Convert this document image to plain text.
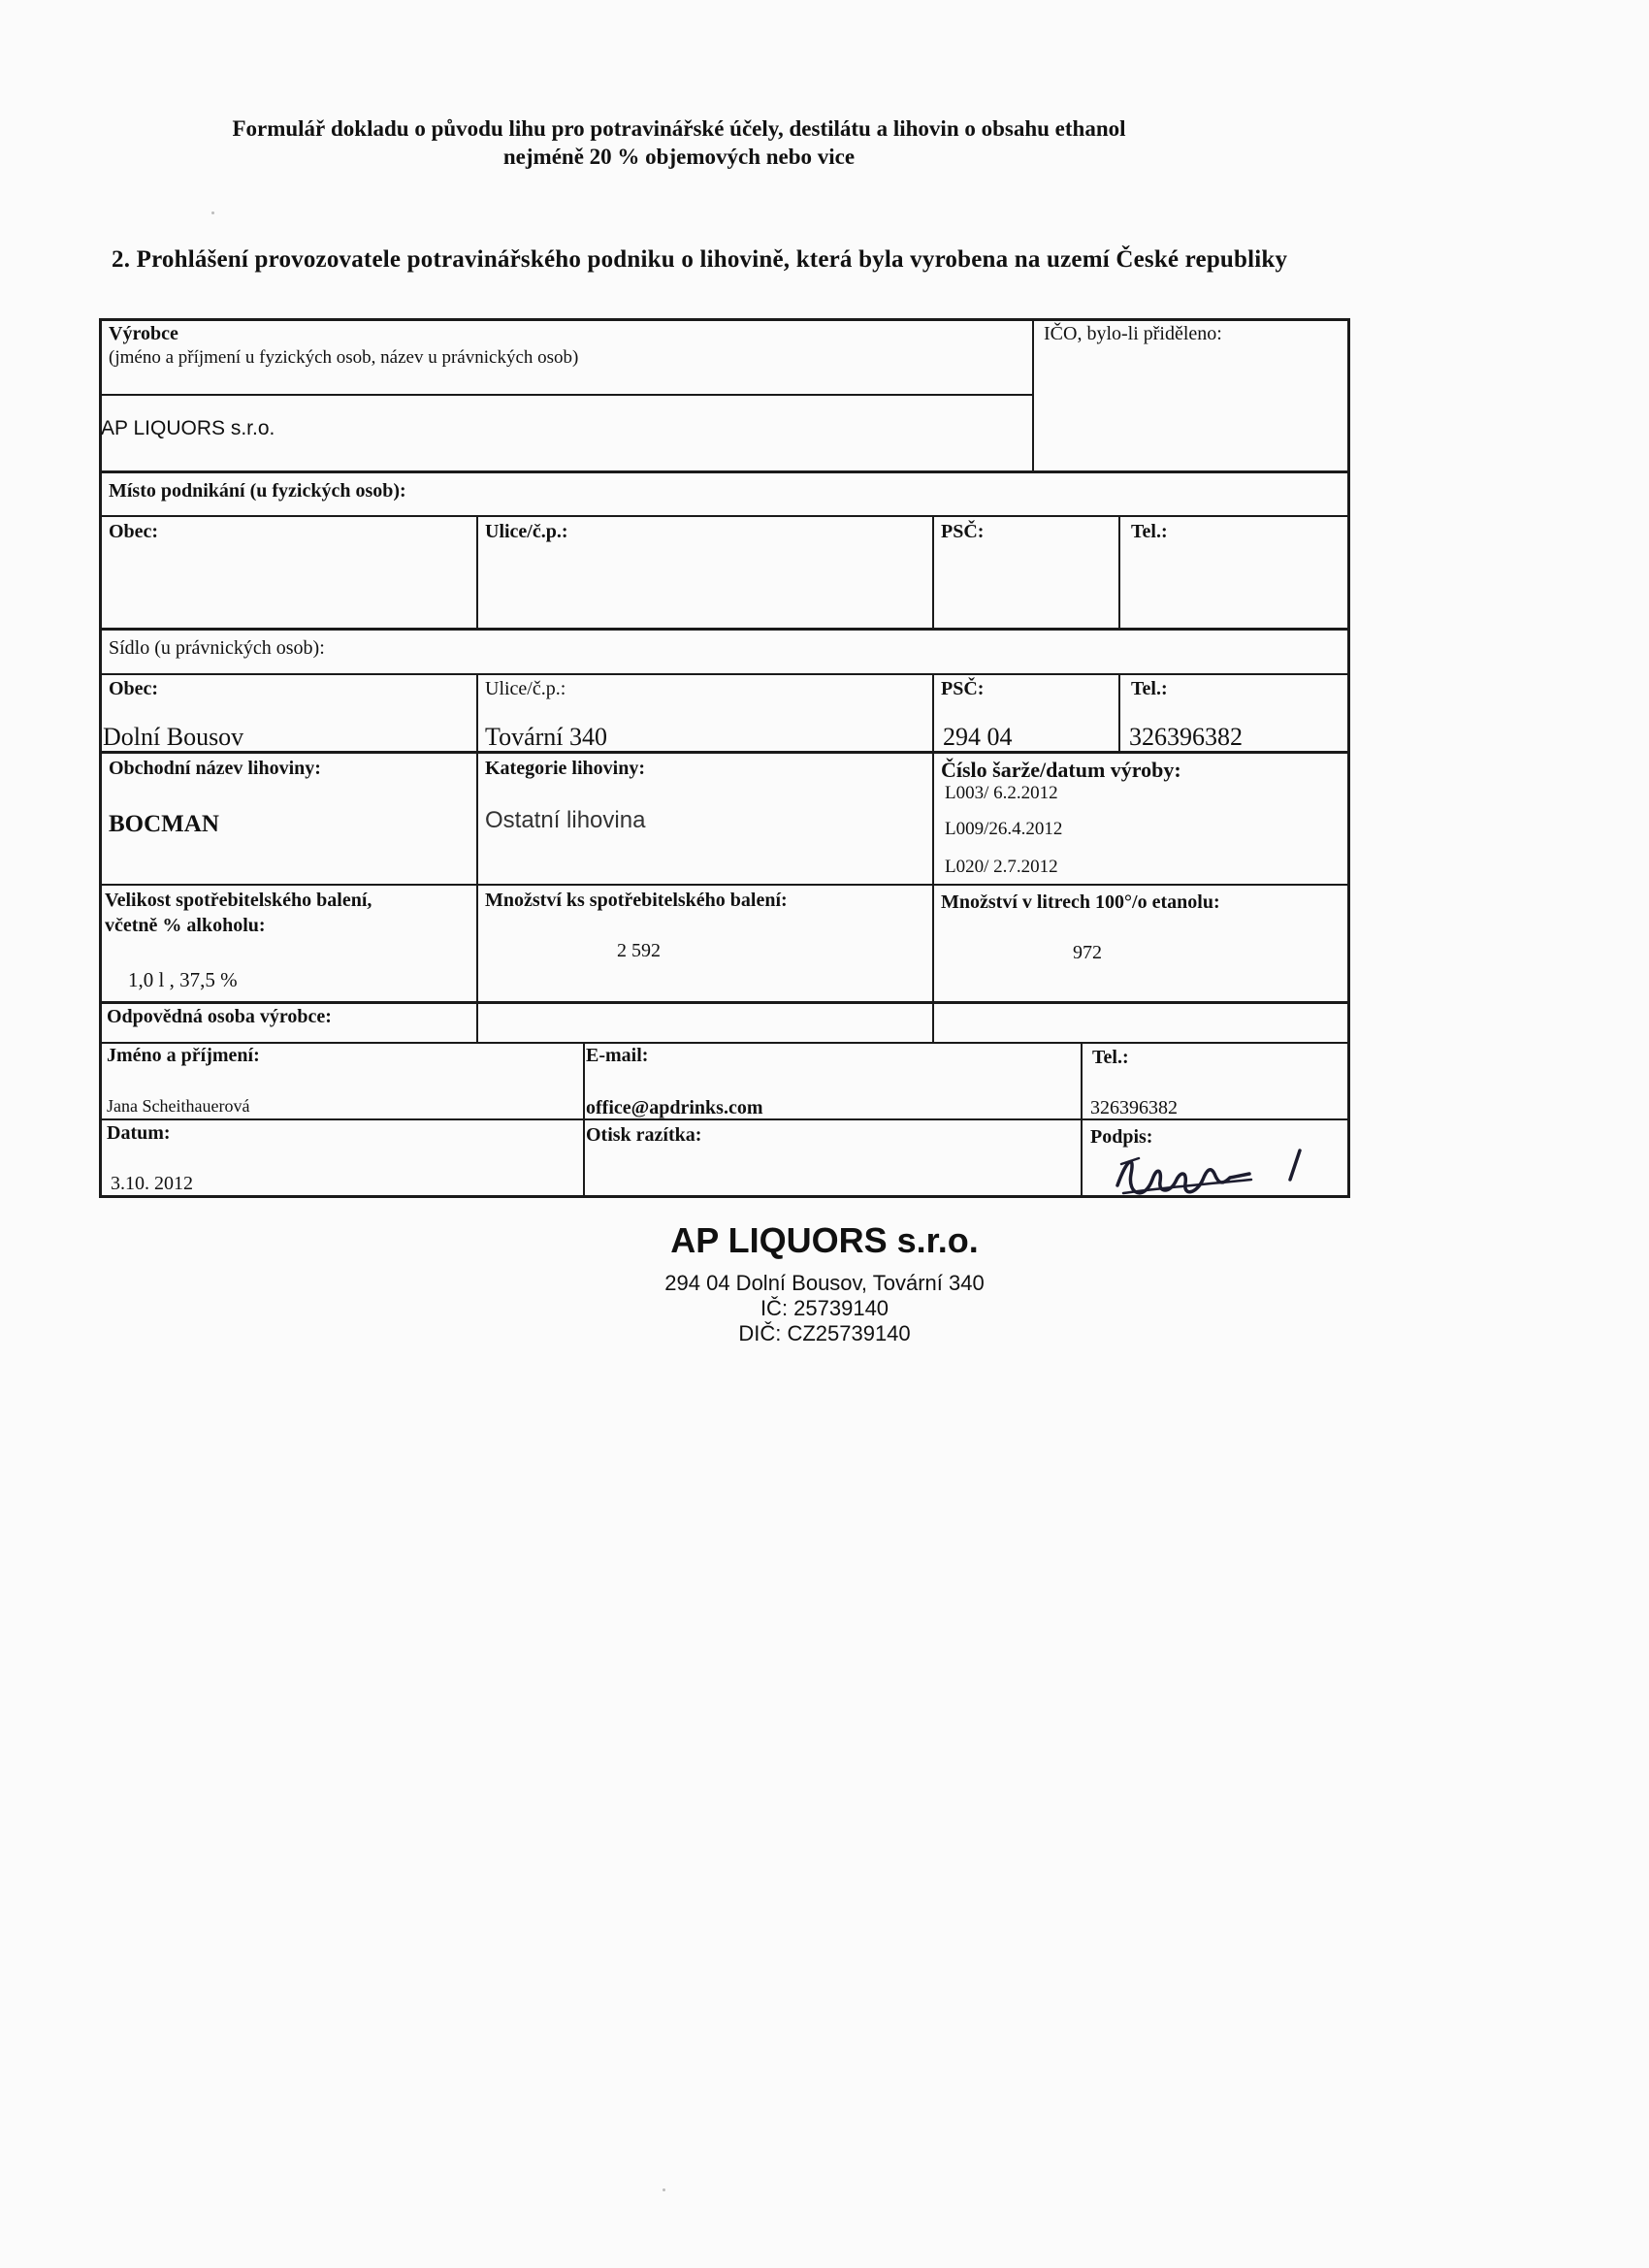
Formulář dokladu o původu lihu pro potravinářské účely, destilátu a lihovin o obsahu ethanol
nejméně 20 % objemových nebo vice
2. Prohlášení provozovatele potravinářského podniku o lihovině, která byla vyrobena na uzemí České republiky
Výrobce
(jméno a příjmení u fyzických osob, název u právnických osob)
AP LIQUORS s.r.o.
IČO, bylo-li přiděleno:
Místo podnikání (u fyzických osob):
Obec:	Ulice/č.p.:	PSČ:	Tel.:
Sídlo (u právnických osob):
Obec:
Dolní Bousov
Ulice/č.p.:
Tovární 340
PSČ:
294 04
Tel.:
326396382
Obchodní název lihoviny:
BOCMAN
Kategorie lihoviny:
Ostatní lihovina
Číslo šarže/datum výroby:
L003/ 6.2.2012
L009/26.4.2012
L020/ 2.7.2012
Velikost spotřebitelského balení,
včetně % alkoholu:
1,0 l , 37,5 %
Množství ks spotřebitelského balení:
2 592
Množství v litrech 100°/o etanolu:
972
Odpovědná osoba výrobce:
Jméno a příjmení:
Jana Scheithauerová
E-mail:
office@apdrinks.com
Tel.:
326396382
Datum:
3.10. 2012
Otisk razítka:	Podpis:
AP LIQUORS s.r.o.
294 04 Dolní Bousov, Tovární 340
IČ: 25739140
DIČ: CZ25739140
